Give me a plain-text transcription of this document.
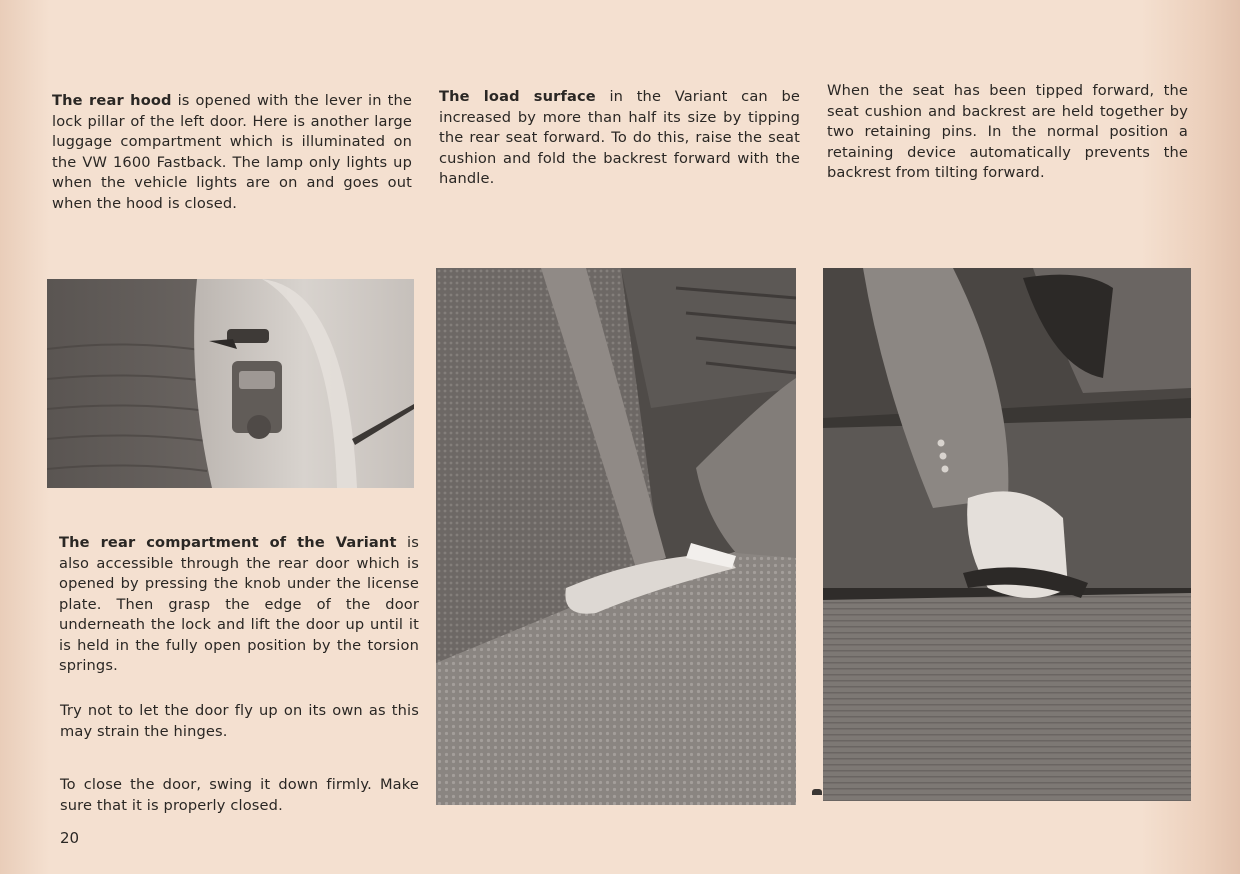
The rear hood is opened with the lever in the lock pillar of the left door. Here is another large luggage compartment which is illuminated on the VW 1600 Fastback. The lamp only lights up when the vehicle lights are on and goes out when the hood is closed.

The load surface in the Variant can be increased by more than half its size by tipping the rear seat forward. To do this, raise the seat cushion and fold the backrest forward with the handle.

When the seat has been tipped forward, the seat cushion and backrest are held together by two retaining pins. In the normal position a retaining device automatically prevents the backrest from tilting forward.

The rear compartment of the Variant is also accessible through the rear door which is opened by pressing the knob under the license plate. Then grasp the edge of the door underneath the lock and lift the door up until it is held in the fully open position by the torsion springs.

Try not to let the door fly up on its own as this may strain the hinges.

To close the door, swing it down firmly. Make sure that it is properly closed.

20
